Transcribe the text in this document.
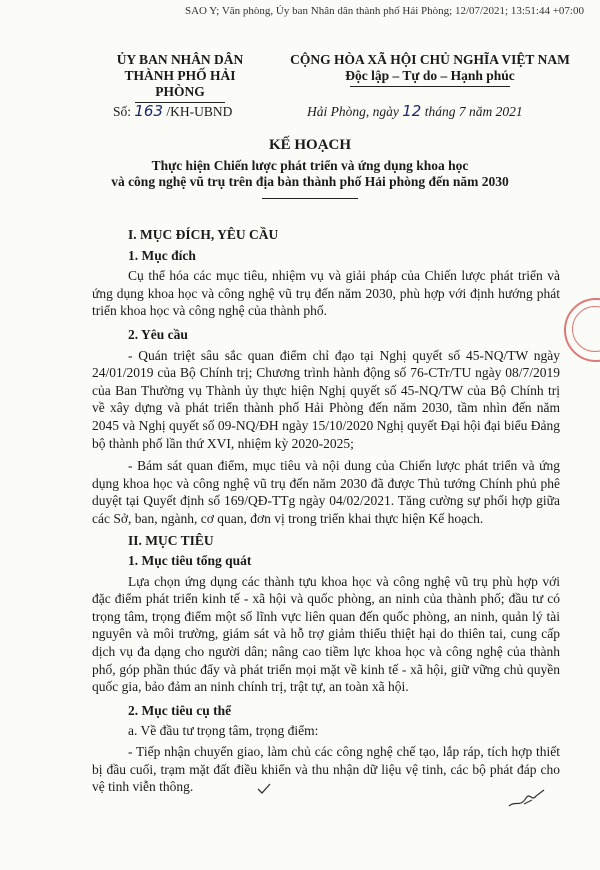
SAO Y; Văn phòng, Ủy ban Nhân dân thành phố Hải Phòng; 12/07/2021; 13:51:44 +07:00
ỦY BAN NHÂN DÂN
THÀNH PHỐ HẢI PHÒNG
CỘNG HÒA XÃ HỘI CHỦ NGHĨA VIỆT NAM
Độc lập – Tự do – Hạnh phúc
Số: 163 /KH-UBND	Hải Phòng, ngày 12 tháng 7 năm 2021
KẾ HOẠCH
Thực hiện Chiến lược phát triển và ứng dụng khoa học
và công nghệ vũ trụ trên địa bàn thành phố Hải phòng đến năm 2030
I. MỤC ĐÍCH, YÊU CẦU
1. Mục đích

Cụ thể hóa các mục tiêu, nhiệm vụ và giải pháp của Chiến lược phát triển và ứng dụng khoa học và công nghệ vũ trụ đến năm 2030, phù hợp với định hướng phát triển khoa học và công nghệ của thành phố.

2. Yêu cầu

- Quán triệt sâu sắc quan điểm chỉ đạo tại Nghị quyết số 45-NQ/TW ngày 24/01/2019 của Bộ Chính trị; Chương trình hành động số 76-CTr/TU ngày 08/7/2019 của Ban Thường vụ Thành ủy thực hiện Nghị quyết số 45-NQ/TW của Bộ Chính trị về xây dựng và phát triển thành phố Hải Phòng đến năm 2030, tầm nhìn đến năm 2045 và Nghị quyết số 09-NQ/ĐH ngày 15/10/2020 Nghị quyết Đại hội đại biểu Đảng bộ thành phố lần thứ XVI, nhiệm kỳ 2020-2025;

- Bám sát quan điểm, mục tiêu và nội dung của Chiến lược phát triển và ứng dụng khoa học và công nghệ vũ trụ đến năm 2030 đã được Thủ tướng Chính phủ phê duyệt tại Quyết định số 169/QĐ-TTg ngày 04/02/2021. Tăng cường sự phối hợp giữa các Sở, ban, ngành, cơ quan, đơn vị trong triển khai thực hiện Kế hoạch.

II. MỤC TIÊU
1. Mục tiêu tổng quát

Lựa chọn ứng dụng các thành tựu khoa học và công nghệ vũ trụ phù hợp với đặc điểm phát triển kinh tế - xã hội và quốc phòng, an ninh của thành phố; đầu tư có trọng tâm, trọng điểm một số lĩnh vực liên quan đến quốc phòng, an ninh, quản lý tài nguyên và môi trường, giám sát và hỗ trợ giảm thiểu thiệt hại do thiên tai, cung cấp dịch vụ đa dạng cho người dân; nâng cao tiềm lực khoa học và công nghệ của thành phố, góp phần thúc đẩy và phát triển mọi mặt về kinh tế - xã hội, giữ vững chủ quyền quốc gia, bảo đảm an ninh chính trị, trật tự, an toàn xã hội.

2. Mục tiêu cụ thể
a. Về đầu tư trọng tâm, trọng điểm:

- Tiếp nhận chuyển giao, làm chủ các công nghệ chế tạo, lắp ráp, tích hợp thiết bị đầu cuối, trạm mặt đất điều khiển và thu nhận dữ liệu vệ tinh, các bộ phát đáp cho vệ tinh viễn thông.
